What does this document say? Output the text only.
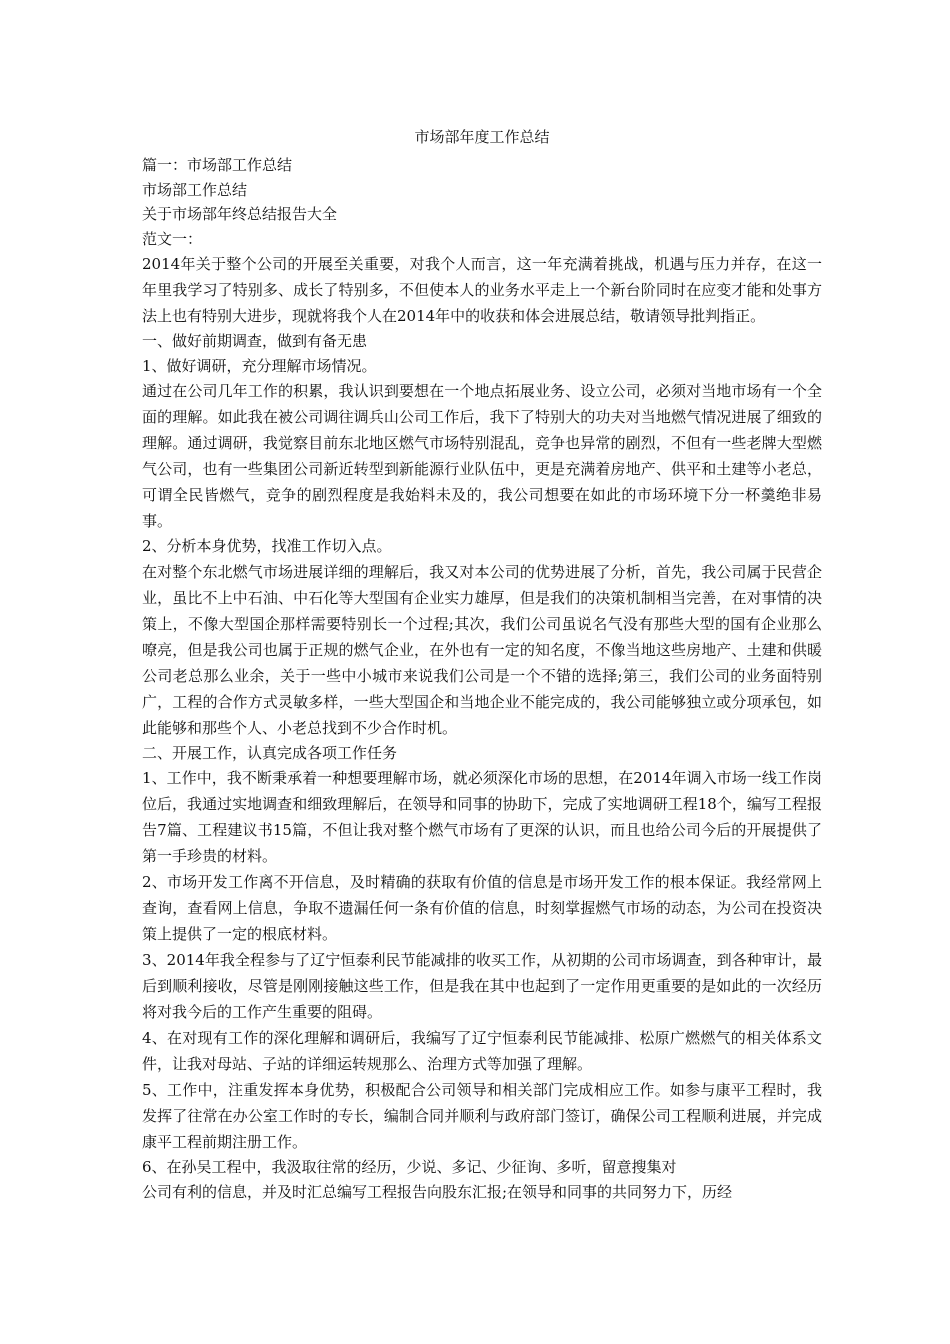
市场部年度工作总结

篇一：市场部工作总结

市场部工作总结

关于市场部年终总结报告大全

范文一：

2014年关于整个公司的开展至关重要，对我个人而言，这一年充满着挑战，机遇与压力并存，在这一年里我学习了特别多、成长了特别多，不但使本人的业务水平走上一个新台阶同时在应变才能和处事方法上也有特别大进步，现就将我个人在2014年中的收获和体会进展总结，敬请领导批判指正。

一、做好前期调查，做到有备无患

1、做好调研，充分理解市场情况。

通过在公司几年工作的积累，我认识到要想在一个地点拓展业务、设立公司，必须对当地市场有一个全面的理解。如此我在被公司调往调兵山公司工作后，我下了特别大的功夫对当地燃气情况进展了细致的理解。通过调研，我觉察目前东北地区燃气市场特别混乱，竞争也异常的剧烈，不但有一些老牌大型燃气公司，也有一些集团公司新近转型到新能源行业队伍中，更是充满着房地产、供平和土建等小老总，可谓全民皆燃气，竞争的剧烈程度是我始料未及的，我公司想要在如此的市场环境下分一杯羹绝非易事。

2、分析本身优势，找准工作切入点。

在对整个东北燃气市场进展详细的理解后，我又对本公司的优势进展了分析，首先，我公司属于民营企业，虽比不上中石油、中石化等大型国有企业实力雄厚，但是我们的决策机制相当完善，在对事情的决策上，不像大型国企那样需要特别长一个过程;其次，我们公司虽说名气没有那些大型的国有企业那么嘹亮，但是我公司也属于正规的燃气企业，在外也有一定的知名度，不像当地这些房地产、土建和供暖公司老总那么业余，关于一些中小城市来说我们公司是一个不错的选择;第三，我们公司的业务面特别广，工程的合作方式灵敏多样，一些大型国企和当地企业不能完成的，我公司能够独立或分项承包，如此能够和那些个人、小老总找到不少合作时机。

二、开展工作，认真完成各项工作任务

1、工作中，我不断秉承着一种想要理解市场，就必须深化市场的思想，在2014年调入市场一线工作岗位后，我通过实地调查和细致理解后，在领导和同事的协助下，完成了实地调研工程18个，编写工程报告7篇、工程建议书15篇，不但让我对整个燃气市场有了更深的认识，而且也给公司今后的开展提供了第一手珍贵的材料。

2、市场开发工作离不开信息，及时精确的获取有价值的信息是市场开发工作的根本保证。我经常网上查询，查看网上信息，争取不遗漏任何一条有价值的信息，时刻掌握燃气市场的动态，为公司在投资决策上提供了一定的根底材料。

3、2014年我全程参与了辽宁恒泰利民节能减排的收买工作，从初期的公司市场调查，到各种审计，最后到顺利接收，尽管是刚刚接触这些工作，但是我在其中也起到了一定作用更重要的是如此的一次经历将对我今后的工作产生重要的阻碍。

4、在对现有工作的深化理解和调研后，我编写了辽宁恒泰利民节能减排、松原广燃燃气的相关体系文件，让我对母站、子站的详细运转规那么、治理方式等加强了理解。

5、工作中，注重发挥本身优势，积极配合公司领导和相关部门完成相应工作。如参与康平工程时，我发挥了往常在办公室工作时的专长，编制合同并顺利与政府部门签订，确保公司工程顺利进展，并完成康平工程前期注册工作。

6、在孙吴工程中，我汲取往常的经历，少说、多记、少征询、多听，留意搜集对

公司有利的信息，并及时汇总编写工程报告向股东汇报;在领导和同事的共同努力下，历经
